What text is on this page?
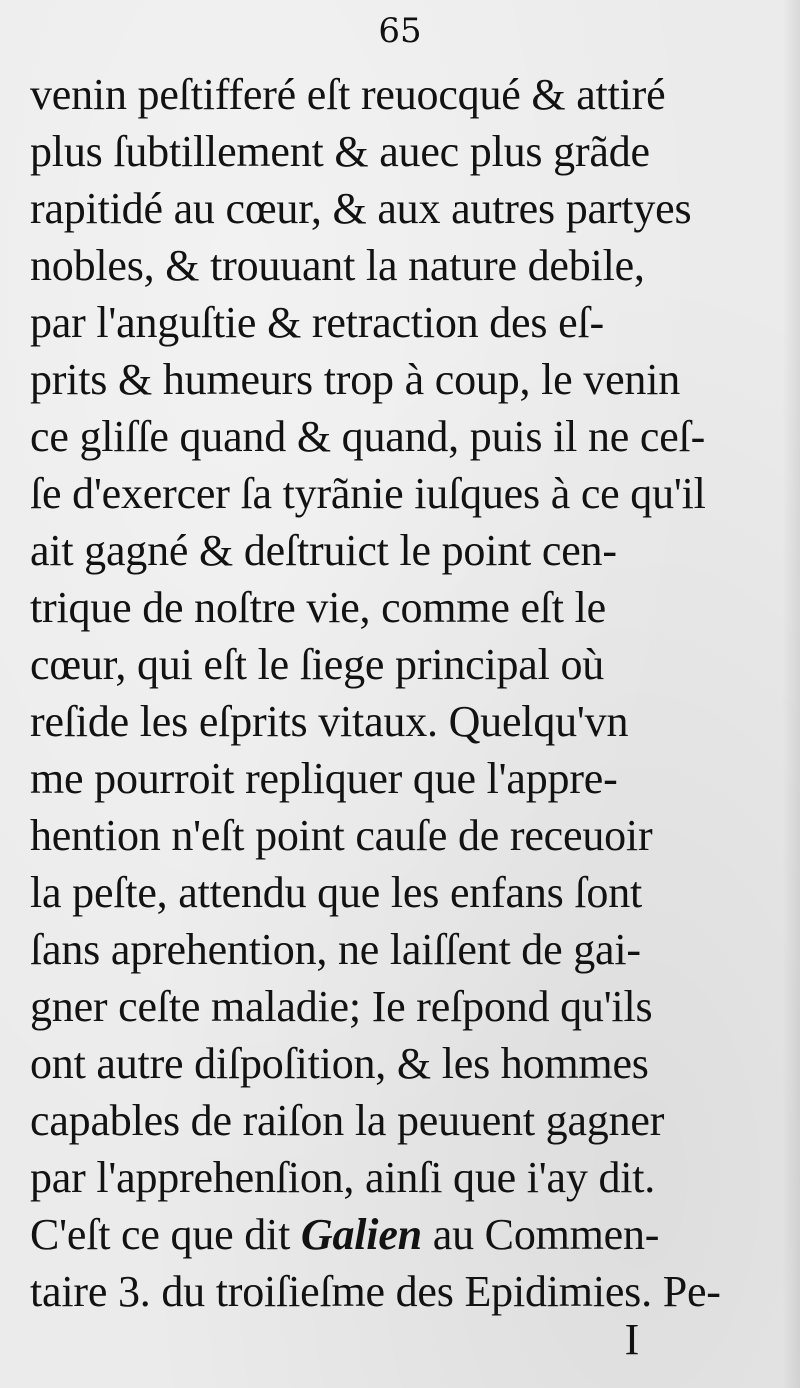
65
venin peſtifferé eſt reuocqué & attiré
plus ſubtillement & auec plus grãde
rapitidé au cœur, & aux autres partyes
nobles, & trouuant la nature debile,
par l'anguſtie & retraction des eſ-
prits & humeurs trop à coup, le venin
ce gliſſe quand & quand, puis il ne ceſ-
ſe d'exercer ſa tyrãnie iuſques à ce qu'il
ait gagné & deſtruict le point cen-
trique de noſtre vie, comme eſt le
cœur, qui eſt le ſiege principal où
reſide les eſprits vitaux. Quelqu'vn
me pourroit repliquer que l'appre-
hention n'eſt point cauſe de receuoir
la peſte, attendu que les enfans ſont
ſans aprehention, ne laiſſent de gai-
gner ceſte maladie; Ie reſpond qu'ils
ont autre diſpoſition, & les hommes
capables de raiſon la peuuent gagner
par l'apprehenſion, ainſi que i'ay dit.
C'eſt ce que dit Galien au Commen-
taire 3. du troiſieſme des Epidimies. Pe-
I
